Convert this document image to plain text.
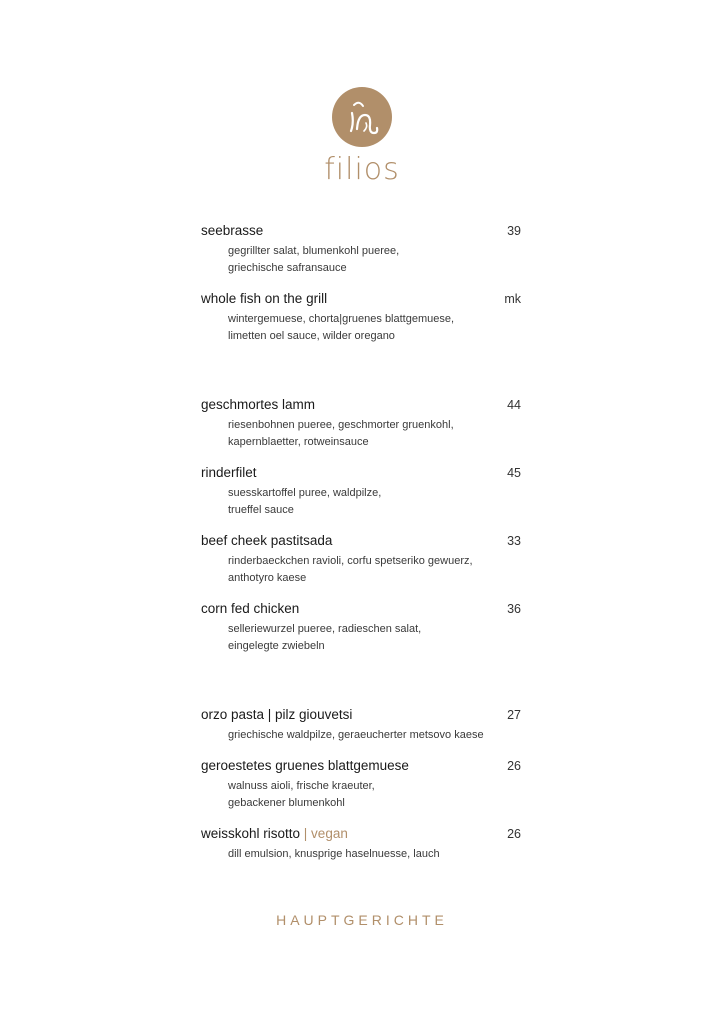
filios
seebrasse	39
gegrillter salat, blumenkohl pueree,
griechische safransauce
whole fish on the grill	mk
wintergemuese, chorta|gruenes blattgemuese,
limetten oel sauce, wilder oregano
geschmortes lamm	44
riesenbohnen pueree, geschmorter gruenkohl,
kapernblaetter, rotweinsauce
rinderfilet	45
suesskartoffel puree, waldpilze,
trueffel sauce
beef cheek pastitsada	33
rinderbaeckchen ravioli, corfu spetseriko gewuerz,
anthotyro kaese
corn fed chicken	36
selleriewurzel pueree, radieschen salat,
eingelegte zwiebeln
orzo pasta | pilz giouvetsi	27
griechische waldpilze, geraeucherter metsovo kaese
geroestetes gruenes blattgemuese	26
walnuss aioli, frische kraeuter,
gebackener blumenkohl
weisskohl risotto | vegan	26
dill emulsion, knusprige haselnuesse, lauch
HAUPTGERICHTE
